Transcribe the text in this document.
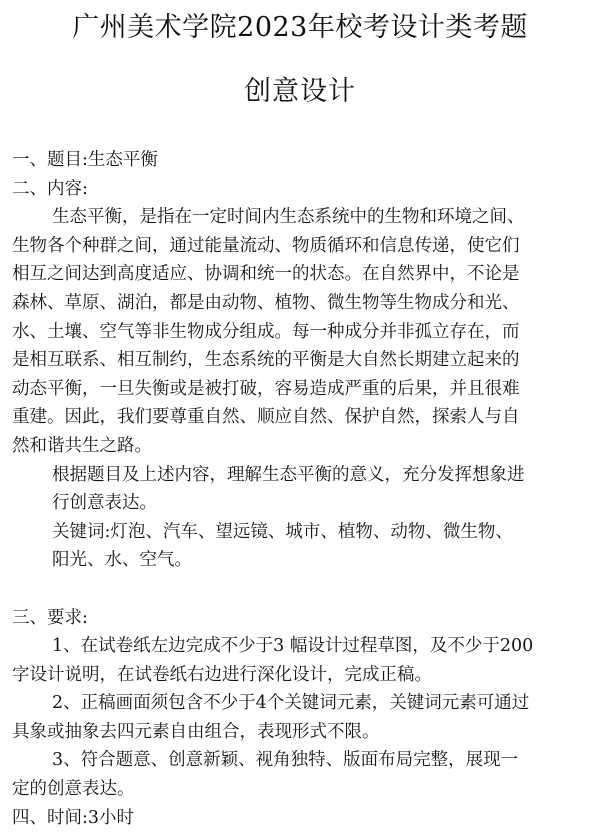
广州美术学院2023年校考设计类考题
创意设计
一、题目:生态平衡
二、内容:
生态平衡，是指在一定时间内生态系统中的生物和环境之间、
生物各个种群之间，通过能量流动、物质循环和信息传递，使它们
相互之间达到高度适应、协调和统一的状态。在自然界中，不论是
森林、草原、湖泊，都是由动物、植物、微生物等生物成分和光、
水、土壤、空气等非生物成分组成。每一种成分并非孤立存在，而
是相互联系、相互制约，生态系统的平衡是大自然长期建立起来的
动态平衡，一旦失衡或是被打破，容易造成严重的后果，并且很难
重建。因此，我们要尊重自然、顺应自然、保护自然，探索人与自
然和谐共生之路。
根据题目及上述内容，理解生态平衡的意义，充分发挥想象进
行创意表达。
关键词:灯泡、汽车、望远镜、城市、植物、动物、微生物、
阳光、水、空气。
三、要求:
1、在试卷纸左边完成不少于3 幅设计过程草图，及不少于200
字设计说明，在试卷纸右边进行深化设计，完成正稿。
2、正稿画面须包含不少于4个关键词元素，关键词元素可通过
具象或抽象去四元素自由组合，表现形式不限。
3、符合题意、创意新颖、视角独特、版面布局完整，展现一
定的创意表达。
四、时间:3小时
